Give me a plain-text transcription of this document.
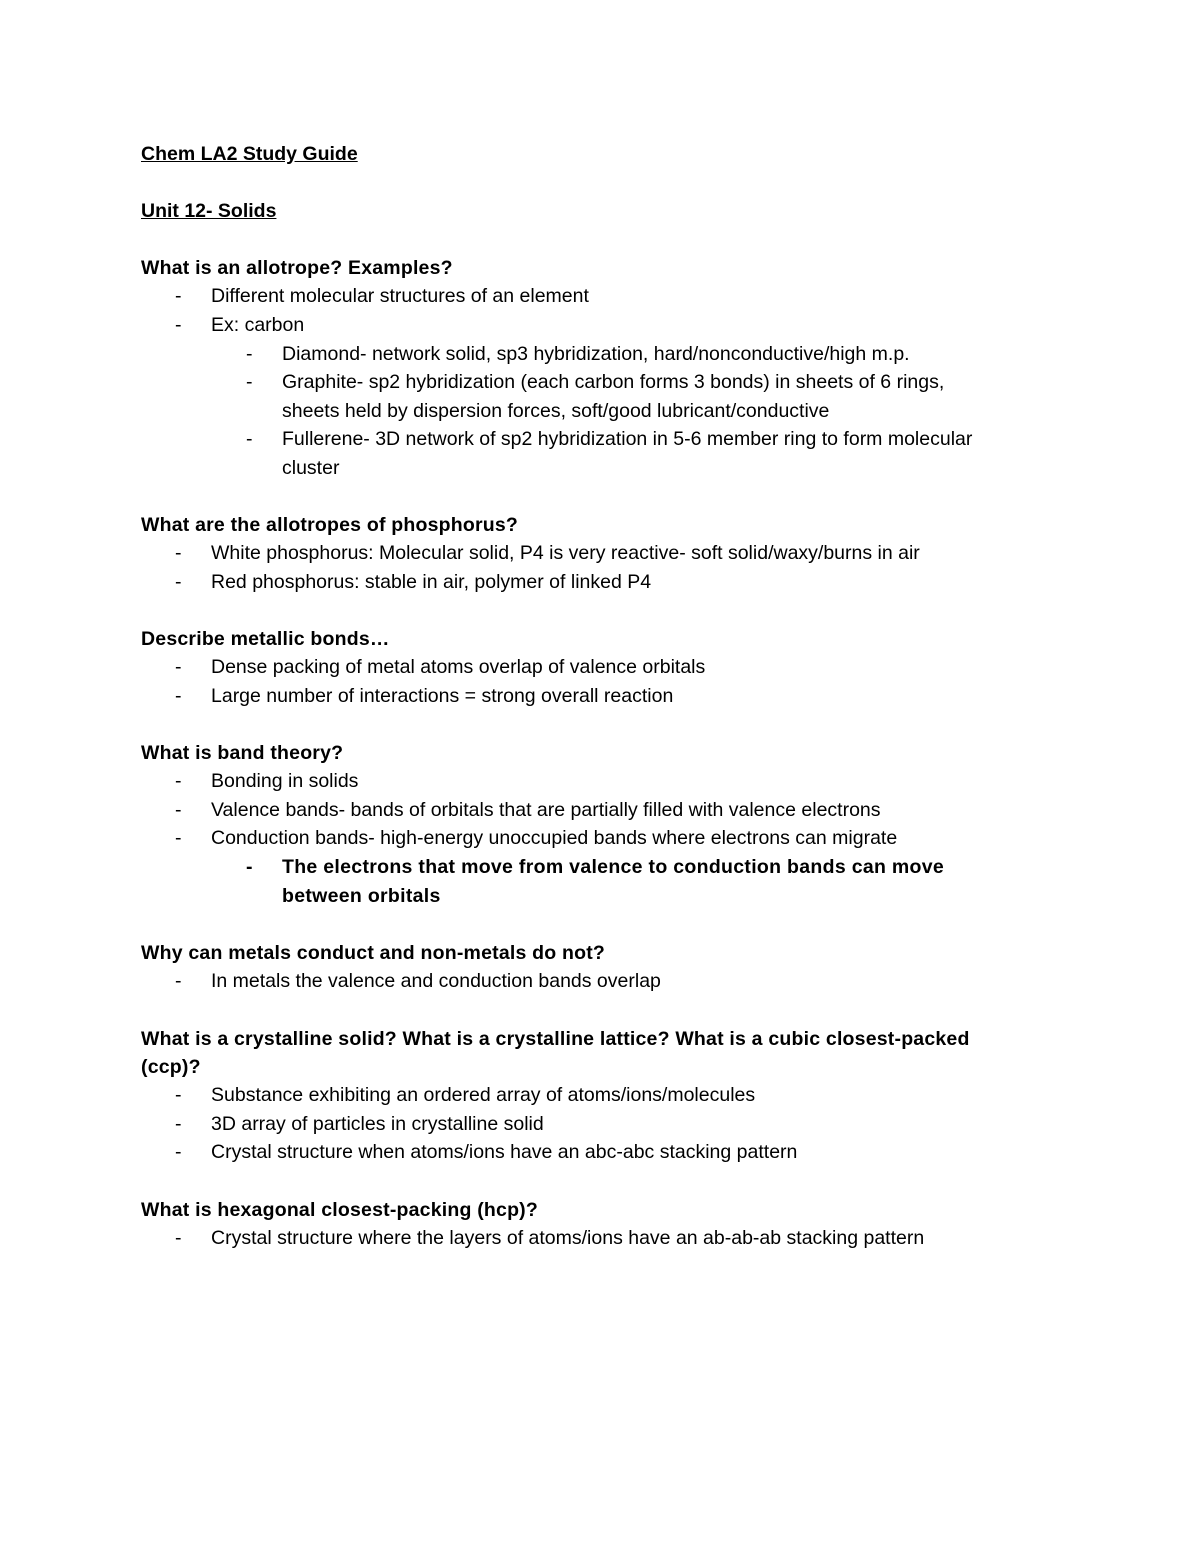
Chem LA2 Study Guide
Unit 12- Solids
What is an allotrope? Examples?
- Different molecular structures of an element
- Ex: carbon
- Diamond- network solid, sp3 hybridization, hard/nonconductive/high m.p.
- Graphite- sp2 hybridization (each carbon forms 3 bonds) in sheets of 6 rings,
sheets held by dispersion forces, soft/good lubricant/conductive
- Fullerene- 3D network of sp2 hybridization in 5-6 member ring to form molecular
cluster
What are the allotropes of phosphorus?
- White phosphorus: Molecular solid, P4 is very reactive- soft solid/waxy/burns in air
- Red phosphorus: stable in air, polymer of linked P4
Describe metallic bonds…
- Dense packing of metal atoms overlap of valence orbitals
- Large number of interactions = strong overall reaction
What is band theory?
- Bonding in solids
- Valence bands- bands of orbitals that are partially filled with valence electrons
- Conduction bands- high-energy unoccupied bands where electrons can migrate
- The electrons that move from valence to conduction bands can move
between orbitals
Why can metals conduct and non-metals do not?
- In metals the valence and conduction bands overlap
What is a crystalline solid? What is a crystalline lattice? What is a cubic closest-packed
(ccp)?
- Substance exhibiting an ordered array of atoms/ions/molecules
- 3D array of particles in crystalline solid
- Crystal structure when atoms/ions have an abc-abc stacking pattern
What is hexagonal closest-packing (hcp)?
- Crystal structure where the layers of atoms/ions have an ab-ab-ab stacking pattern
